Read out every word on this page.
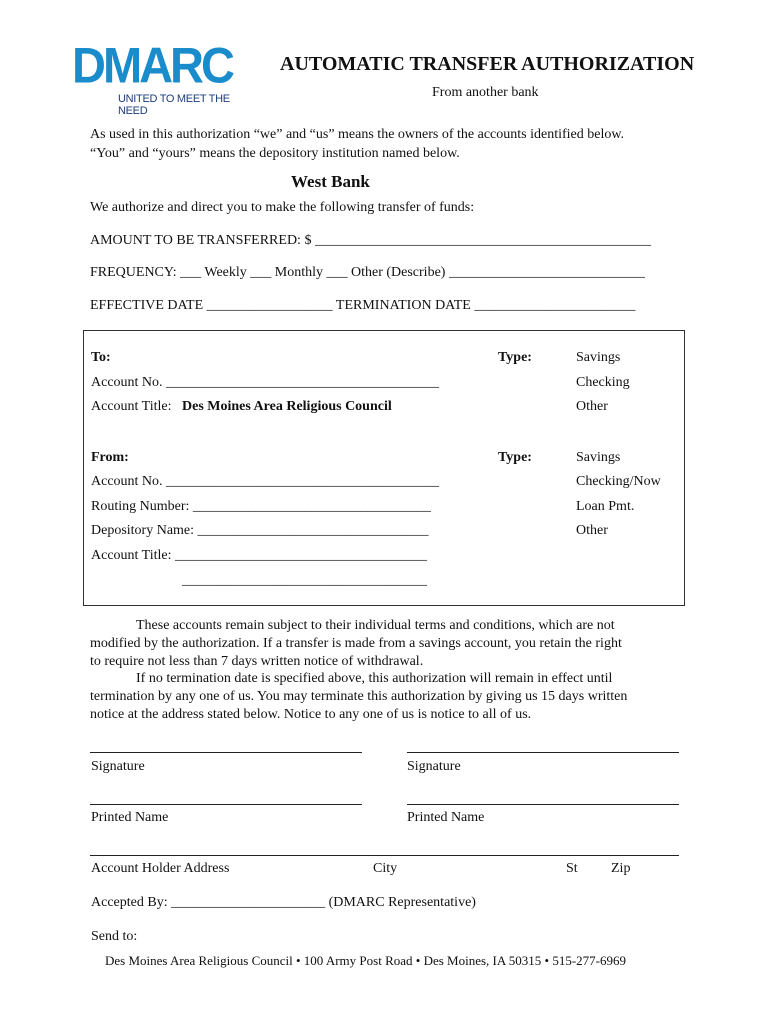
DMARC
UNITED TO MEET THE NEED
AUTOMATIC TRANSFER AUTHORIZATION
From another bank
As used in this authorization “we” and “us” means the owners of the accounts identified below.
“You” and “yours” means the depository institution named below.
West Bank
We authorize and direct you to make the following transfer of funds:
AMOUNT TO BE TRANSFERRED: $ ________________________________________________
FREQUENCY: ___ Weekly ___ Monthly ___ Other (Describe) ____________________________
EFFECTIVE DATE __________________ TERMINATION DATE _______________________
To:	Type:	Savings
Account No. _______________________________________	Checking
Account Title: Des Moines Area Religious Council	Other
From:	Type:	Savings
Account No. _______________________________________	Checking/Now
Routing Number: __________________________________	Loan Pmt.
Depository Name: _________________________________	Other
Account Title: ____________________________________
___________________________________
These accounts remain subject to their individual terms and conditions, which are not
modified by the authorization. If a transfer is made from a savings account, you retain the right
to require not less than 7 days written notice of withdrawal.
If no termination date is specified above, this authorization will remain in effect until
termination by any one of us. You may terminate this authorization by giving us 15 days written
notice at the address stated below. Notice to any one of us is notice to all of us.
Signature	Signature
Printed Name	Printed Name
Account Holder Address	City	St Zip
Accepted By: ______________________ (DMARC Representative)
Send to:
Des Moines Area Religious Council • 100 Army Post Road • Des Moines, IA 50315 • 515-277-6969
